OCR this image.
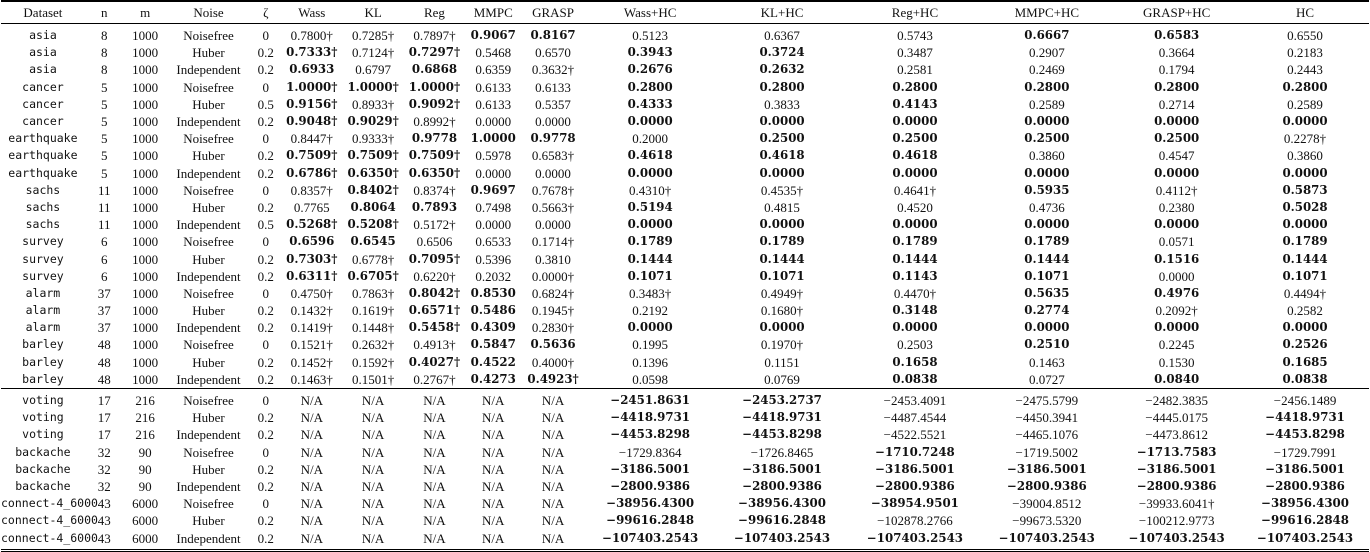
Dataset	n	m	Noise	ζ	Wass	KL	Reg	MMPC	GRASP	Wass+HC	KL+HC	Reg+HC	MMPC+HC	GRASP+HC	HC
asia	8	1000	Noisefree	0	0.7800†	0.7285†	0.7897†	0.9067	0.8167	0.5123	0.6367	0.5743	0.6667	0.6583	0.6550
asia	8	1000	Huber	0.2	0.7333†	0.7124†	0.7297†	0.5468	0.6570	0.3943	0.3724	0.3487	0.2907	0.3664	0.2183
asia	8	1000	Independent	0.2	0.6933	0.6797	0.6868	0.6359	0.3632†	0.2676	0.2632	0.2581	0.2469	0.1794	0.2443
cancer	5	1000	Noisefree	0	1.0000†	1.0000†	1.0000†	0.6133	0.6133	0.2800	0.2800	0.2800	0.2800	0.2800	0.2800
cancer	5	1000	Huber	0.5	0.9156†	0.8933†	0.9092†	0.6133	0.5357	0.4333	0.3833	0.4143	0.2589	0.2714	0.2589
cancer	5	1000	Independent	0.2	0.9048†	0.9029†	0.8992†	0.0000	0.0000	0.0000	0.0000	0.0000	0.0000	0.0000	0.0000
earthquake	5	1000	Noisefree	0	0.8447†	0.9333†	0.9778	1.0000	0.9778	0.2000	0.2500	0.2500	0.2500	0.2500	0.2278†
earthquake	5	1000	Huber	0.2	0.7509†	0.7509†	0.7509†	0.5978	0.6583†	0.4618	0.4618	0.4618	0.3860	0.4547	0.3860
earthquake	5	1000	Independent	0.2	0.6786†	0.6350†	0.6350†	0.0000	0.0000	0.0000	0.0000	0.0000	0.0000	0.0000	0.0000
sachs	11	1000	Noisefree	0	0.8357†	0.8402†	0.8374†	0.9697	0.7678†	0.4310†	0.4535†	0.4641†	0.5935	0.4112†	0.5873
sachs	11	1000	Huber	0.2	0.7765	0.8064	0.7893	0.7498	0.5663†	0.5194	0.4815	0.4520	0.4736	0.2380	0.5028
sachs	11	1000	Independent	0.5	0.5268†	0.5208†	0.5172†	0.0000	0.0000	0.0000	0.0000	0.0000	0.0000	0.0000	0.0000
survey	6	1000	Noisefree	0	0.6596	0.6545	0.6506	0.6533	0.1714†	0.1789	0.1789	0.1789	0.1789	0.0571	0.1789
survey	6	1000	Huber	0.2	0.7303†	0.6778†	0.7095†	0.5396	0.3810	0.1444	0.1444	0.1444	0.1444	0.1516	0.1444
survey	6	1000	Independent	0.2	0.6311†	0.6705†	0.6220†	0.2032	0.0000†	0.1071	0.1071	0.1143	0.1071	0.0000	0.1071
alarm	37	1000	Noisefree	0	0.4750†	0.7863†	0.8042†	0.8530	0.6824†	0.3483†	0.4949†	0.4470†	0.5635	0.4976	0.4494†
alarm	37	1000	Huber	0.2	0.1432†	0.1619†	0.6571†	0.5486	0.1945†	0.2192	0.1680†	0.3148	0.2774	0.2092†	0.2582
alarm	37	1000	Independent	0.2	0.1419†	0.1448†	0.5458†	0.4309	0.2830†	0.0000	0.0000	0.0000	0.0000	0.0000	0.0000
barley	48	1000	Noisefree	0	0.1521†	0.2632†	0.4913†	0.5847	0.5636	0.1995	0.1970†	0.2503	0.2510	0.2245	0.2526
barley	48	1000	Huber	0.2	0.1452†	0.1592†	0.4027†	0.4522	0.4000†	0.1396	0.1151	0.1658	0.1463	0.1530	0.1685
barley	48	1000	Independent	0.2	0.1463†	0.1501†	0.2767†	0.4273	0.4923†	0.0598	0.0769	0.0838	0.0727	0.0840	0.0838
voting	17	216	Noisefree	0	N/A	N/A	N/A	N/A	N/A	−2451.8631	−2453.2737	−2453.4091	−2475.5799	−2482.3835	−2456.1489
voting	17	216	Huber	0.2	N/A	N/A	N/A	N/A	N/A	−4418.9731	−4418.9731	−4487.4544	−4450.3941	−4445.0175	−4418.9731
voting	17	216	Independent	0.2	N/A	N/A	N/A	N/A	N/A	−4453.8298	−4453.8298	−4522.5521	−4465.1076	−4473.8612	−4453.8298
backache	32	90	Noisefree	0	N/A	N/A	N/A	N/A	N/A	−1729.8364	−1726.8465	−1710.7248	−1719.5002	−1713.7583	−1729.7991
backache	32	90	Huber	0.2	N/A	N/A	N/A	N/A	N/A	−3186.5001	−3186.5001	−3186.5001	−3186.5001	−3186.5001	−3186.5001
backache	32	90	Independent	0.2	N/A	N/A	N/A	N/A	N/A	−2800.9386	−2800.9386	−2800.9386	−2800.9386	−2800.9386	−2800.9386
connect-4_6000	43	6000	Noisefree	0	N/A	N/A	N/A	N/A	N/A	−38956.4300	−38956.4300	−38954.9501	−39004.8512	−39933.6041†	−38956.4300
connect-4_6000	43	6000	Huber	0.2	N/A	N/A	N/A	N/A	N/A	−99616.2848	−99616.2848	−102878.2766	−99673.5320	−100212.9773	−99616.2848
connect-4_6000	43	6000	Independent	0.2	N/A	N/A	N/A	N/A	N/A	−107403.2543	−107403.2543	−107403.2543	−107403.2543	−107403.2543	−107403.2543
